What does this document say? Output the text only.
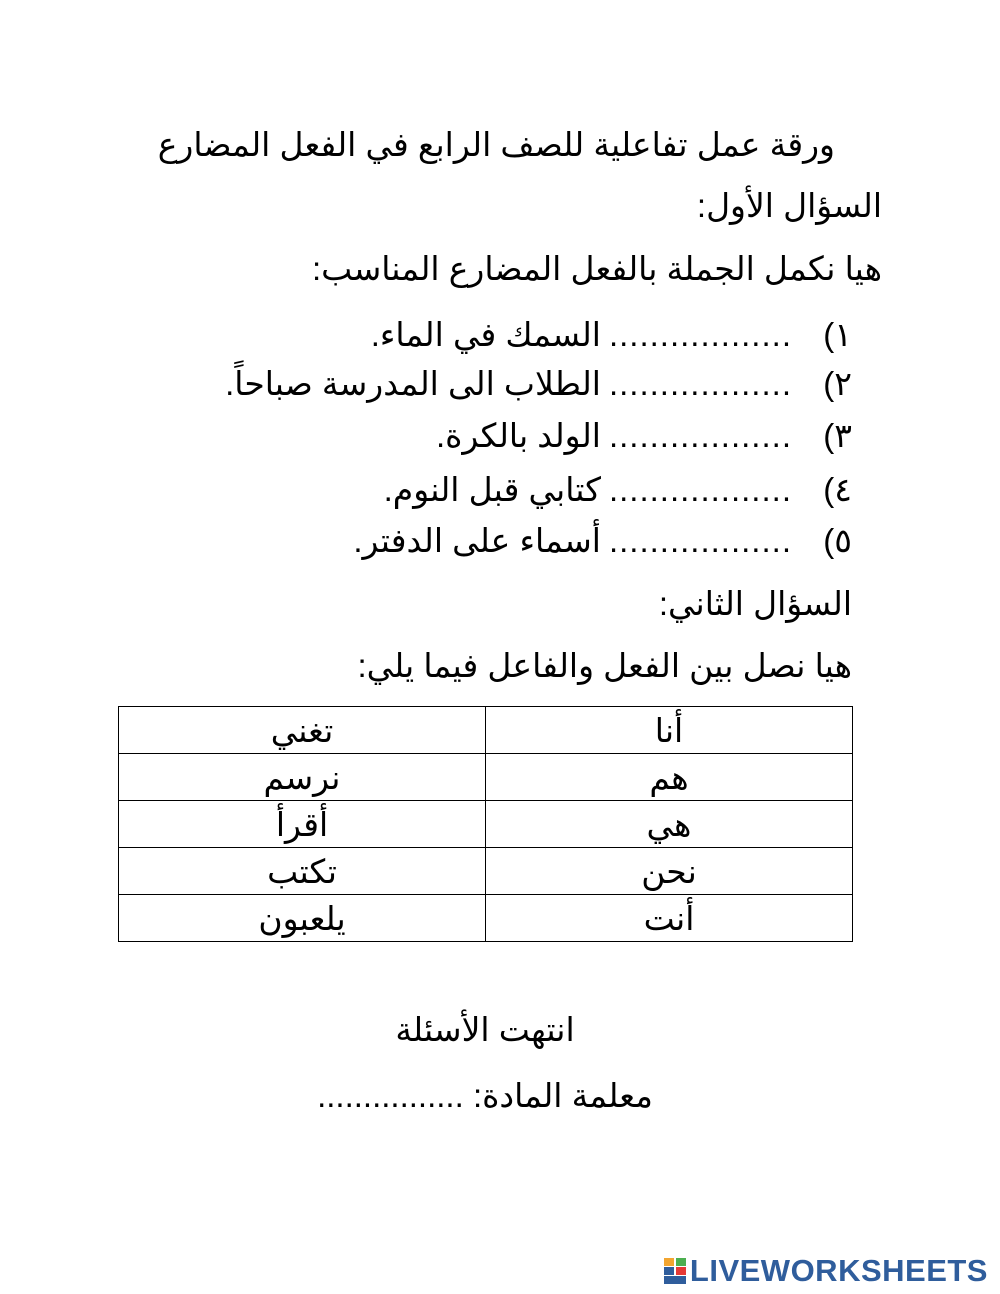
ورقة عمل تفاعلية للصف الرابع في الفعل المضارع
السؤال الأول:
هيا نكمل الجملة بالفعل المضارع المناسب:
١)
..................
السمك في الماء.
٢)
..................
الطلاب الى المدرسة صباحاً.
٣)
..................
الولد بالكرة.
٤)
..................
كتابي قبل النوم.
٥)
..................
أسماء على الدفتر.
السؤال الثاني:
هيا نصل بين الفعل والفاعل فيما يلي:
أنا	تغني
هم	نرسم
هي	أقرأ
نحن	تكتب
أنت	يلعبون
انتهت الأسئلة
معلمة المادة: ................
LIVEWORKSHEETS
